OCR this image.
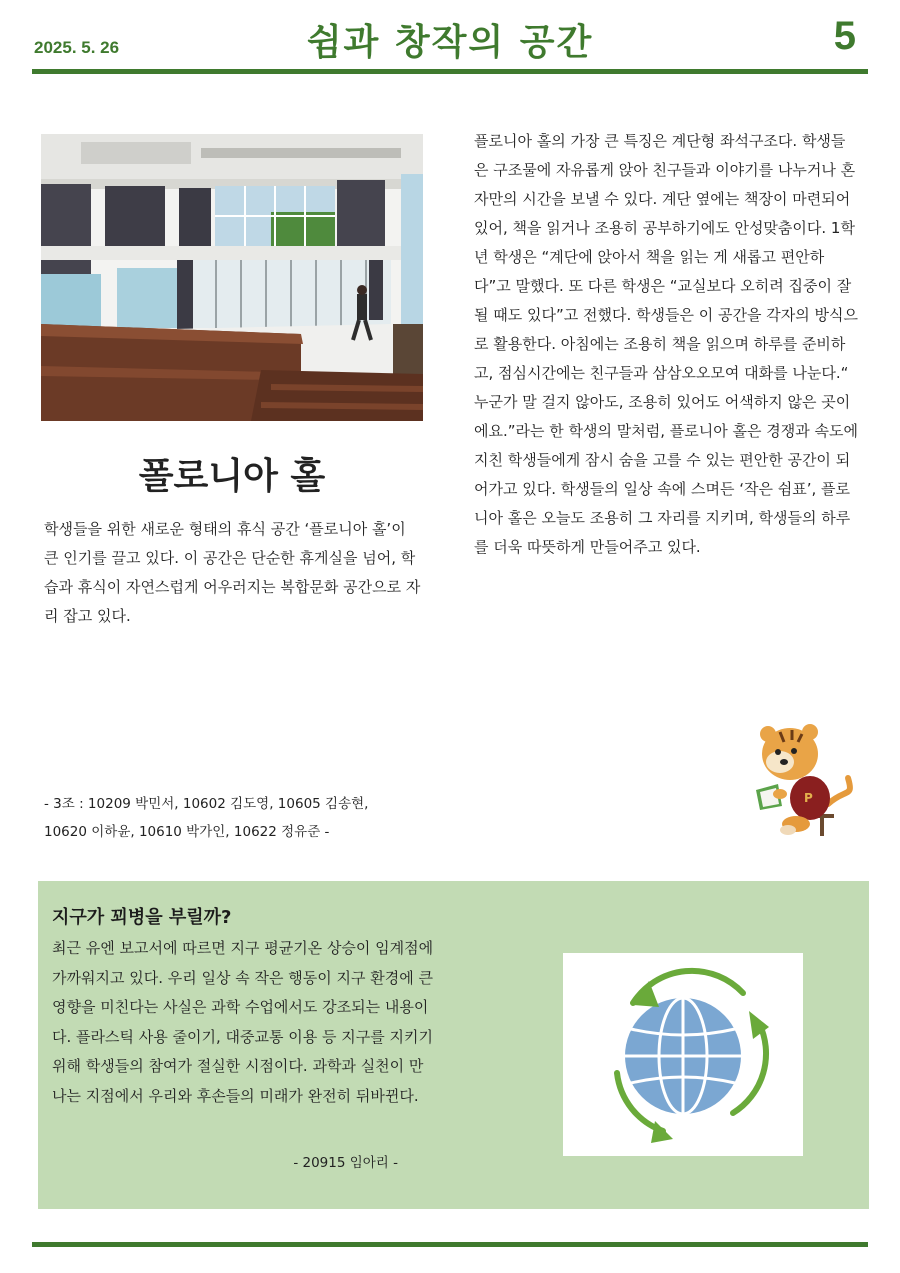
2025. 5. 26	쉼과 창작의 공간	5
폴로니아 홀

학생들을 위한 새로운 형태의 휴식 공간 ‘플로니아 홀’이 큰 인기를 끌고 있다. 이 공간은 단순한 휴게실을 넘어, 학습과 휴식이 자연스럽게 어우러지는 복합문화 공간으로 자리 잡고 있다.

플로니아 홀의 가장 큰 특징은 계단형 좌석구조다. 학생들은 구조물에 자유롭게 앉아 친구들과 이야기를 나누거나 혼자만의 시간을 보낼 수 있다. 계단 옆에는 책장이 마련되어 있어, 책을 읽거나 조용히 공부하기에도 안성맞춤이다. 1학년 학생은 “계단에 앉아서 책을 읽는 게 새롭고 편안하다”고 말했다. 또 다른 학생은 “교실보다 오히려 집중이 잘 될 때도 있다”고 전했다. 학생들은 이 공간을 각자의 방식으로 활용한다. 아침에는 조용히 책을 읽으며 하루를 준비하고, 점심시간에는 친구들과 삼삼오오모여 대화를 나눈다.“ 누군가 말 걸지 않아도, 조용히 있어도 어색하지 않은 곳이에요.”라는 한 학생의 말처럼, 플로니아 홀은 경쟁과 속도에 지친 학생들에게 잠시 숨을 고를 수 있는 편안한 공간이 되어가고 있다. 학생들의 일상 속에 스며든 ‘작은 쉼표’, 플로니아 홀은 오늘도 조용히 그 자리를 지키며, 학생들의 하루를 더욱 따뜻하게 만들어주고 있다.

P
- 3조 : 10209 박민서, 10602 김도영, 10605 김송현,
10620 이하윤, 10610 박가인, 10622 정유준 -
지구가 꾀병을 부릴까?

최근 유엔 보고서에 따르면 지구 평균기온 상승이 임계점에 가까워지고 있다. 우리 일상 속 작은 행동이 지구 환경에 큰 영향을 미친다는 사실은 과학 수업에서도 강조되는 내용이다. 플라스틱 사용 줄이기, 대중교통 이용 등 지구를 지키기 위해 학생들의 참여가 절실한 시점이다. 과학과 실천이 만나는 지점에서 우리와 후손들의 미래가 완전히 뒤바뀐다.

- 20915 임아리 -
